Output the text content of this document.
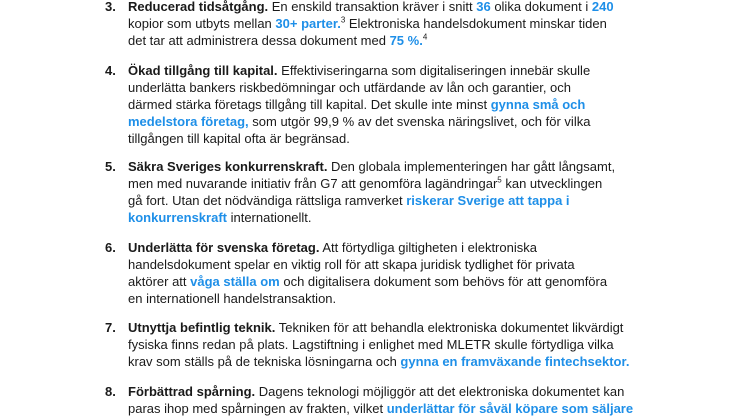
3. Reducerad tidsåtgång. En enskild transaktion kräver i snitt 36 olika dokument i 240
kopior som utbyts mellan 30+ parter.$^3$ Elektroniska handelsdokument minskar tiden
det tar att administrera dessa dokument med 75 %.$^4$
4. Ökad tillgång till kapital. Effektiviseringarna som digitaliseringen innebär skulle
underlätta bankers riskbedömningar och utfärdande av lån och garantier, och
därmed stärka företags tillgång till kapital. Det skulle inte minst gynna små och
medelstora företag, som utgör 99,9 % av det svenska näringslivet, och för vilka
tillgången till kapital ofta är begränsad.
5. Säkra Sveriges konkurrenskraft. Den globala implementeringen har gått långsamt,
men med nuvarande initiativ från G7 att genomföra lagändringar$^5$ kan utvecklingen
gå fort. Utan det nödvändiga rättsliga ramverket riskerar Sverige att tappa i
konkurrenskraft internationellt.
6. Underlätta för svenska företag. Att förtydliga giltigheten i elektroniska
handelsdokument spelar en viktig roll för att skapa juridisk tydlighet för privata
aktörer att våga ställa om och digitalisera dokument som behövs för att genomföra
en internationell handelstransaktion.
7. Utnyttja befintlig teknik. Tekniken för att behandla elektroniska dokumentet likvärdigt
fysiska finns redan på plats. Lagstiftning i enlighet med MLETR skulle förtydliga vilka
krav som ställs på de tekniska lösningarna och gynna en framväxande fintechsektor.
8. Förbättrad spårning. Dagens teknologi möjliggör att det elektroniska dokumentet kan
paras ihop med spårningen av frakten, vilket underlättar för såväl köpare som säljare
